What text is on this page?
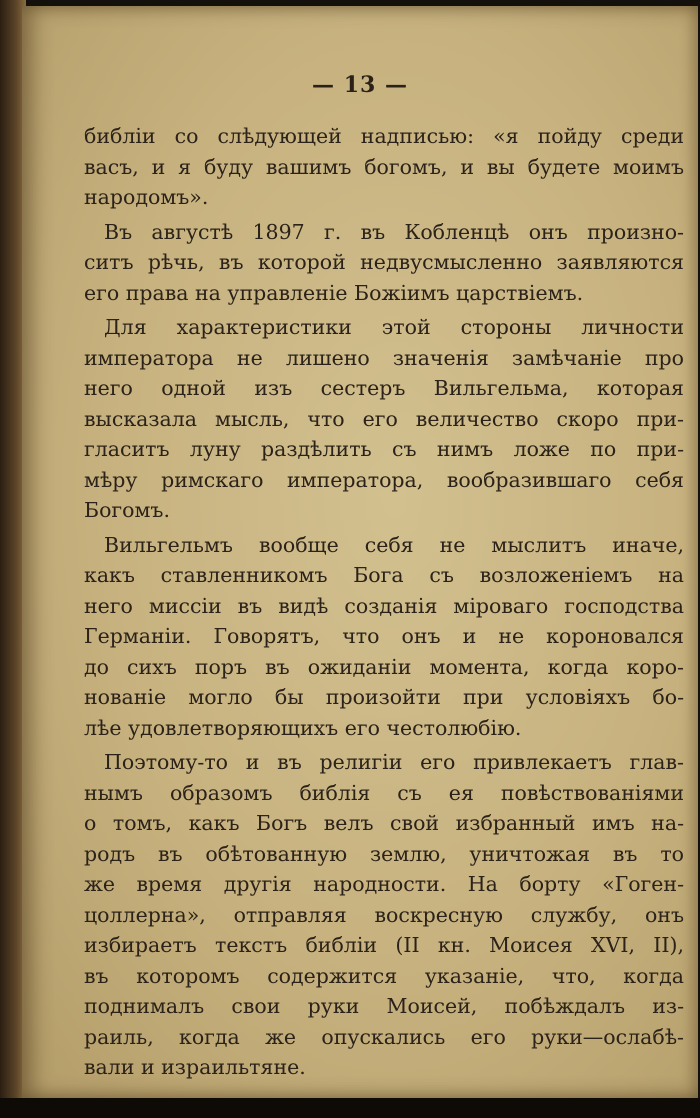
— 13 —
библіи со слѣдующей надписью: «я пойду среди
васъ, и я буду вашимъ богомъ, и вы будете моимъ
народомъ».
Въ августѣ 1897 г. въ Кобленцѣ онъ произно-
ситъ рѣчь, въ которой недвусмысленно заявляются
его права на управленіе Божіимъ царствіемъ.
Для характеристики этой стороны личности
императора не лишено значенія замѣчаніе про
него одной изъ сестеръ Вильгельма, которая
высказала мысль, что его величество скоро при-
гласитъ луну раздѣлить съ нимъ ложе по при-
мѣру римскаго императора, вообразившаго себя
Богомъ.
Вильгельмъ вообще себя не мыслитъ иначе,
какъ ставленникомъ Бога съ возложеніемъ на
него миссіи въ видѣ созданія міроваго господства
Германіи. Говорятъ, что онъ и не короновался
до сихъ поръ въ ожиданіи момента, когда коро-
нованіе могло бы произойти при условіяхъ бо-
лѣе удовлетворяющихъ его честолюбію.
Поэтому-то и въ религіи его привлекаетъ глав-
нымъ образомъ библія съ ея повѣствованіями
о томъ, какъ Богъ велъ свой избранный имъ на-
родъ въ обѣтованную землю, уничтожая въ то
же время другія народности. На борту «Гоген-
цоллерна», отправляя воскресную службу, онъ
избираетъ текстъ библіи (II кн. Моисея XVI, II),
въ которомъ содержится указаніе, что, когда
поднималъ свои руки Моисей, побѣждалъ из-
раиль, когда же опускались его руки—ослабѣ-
вали и израильтяне.
